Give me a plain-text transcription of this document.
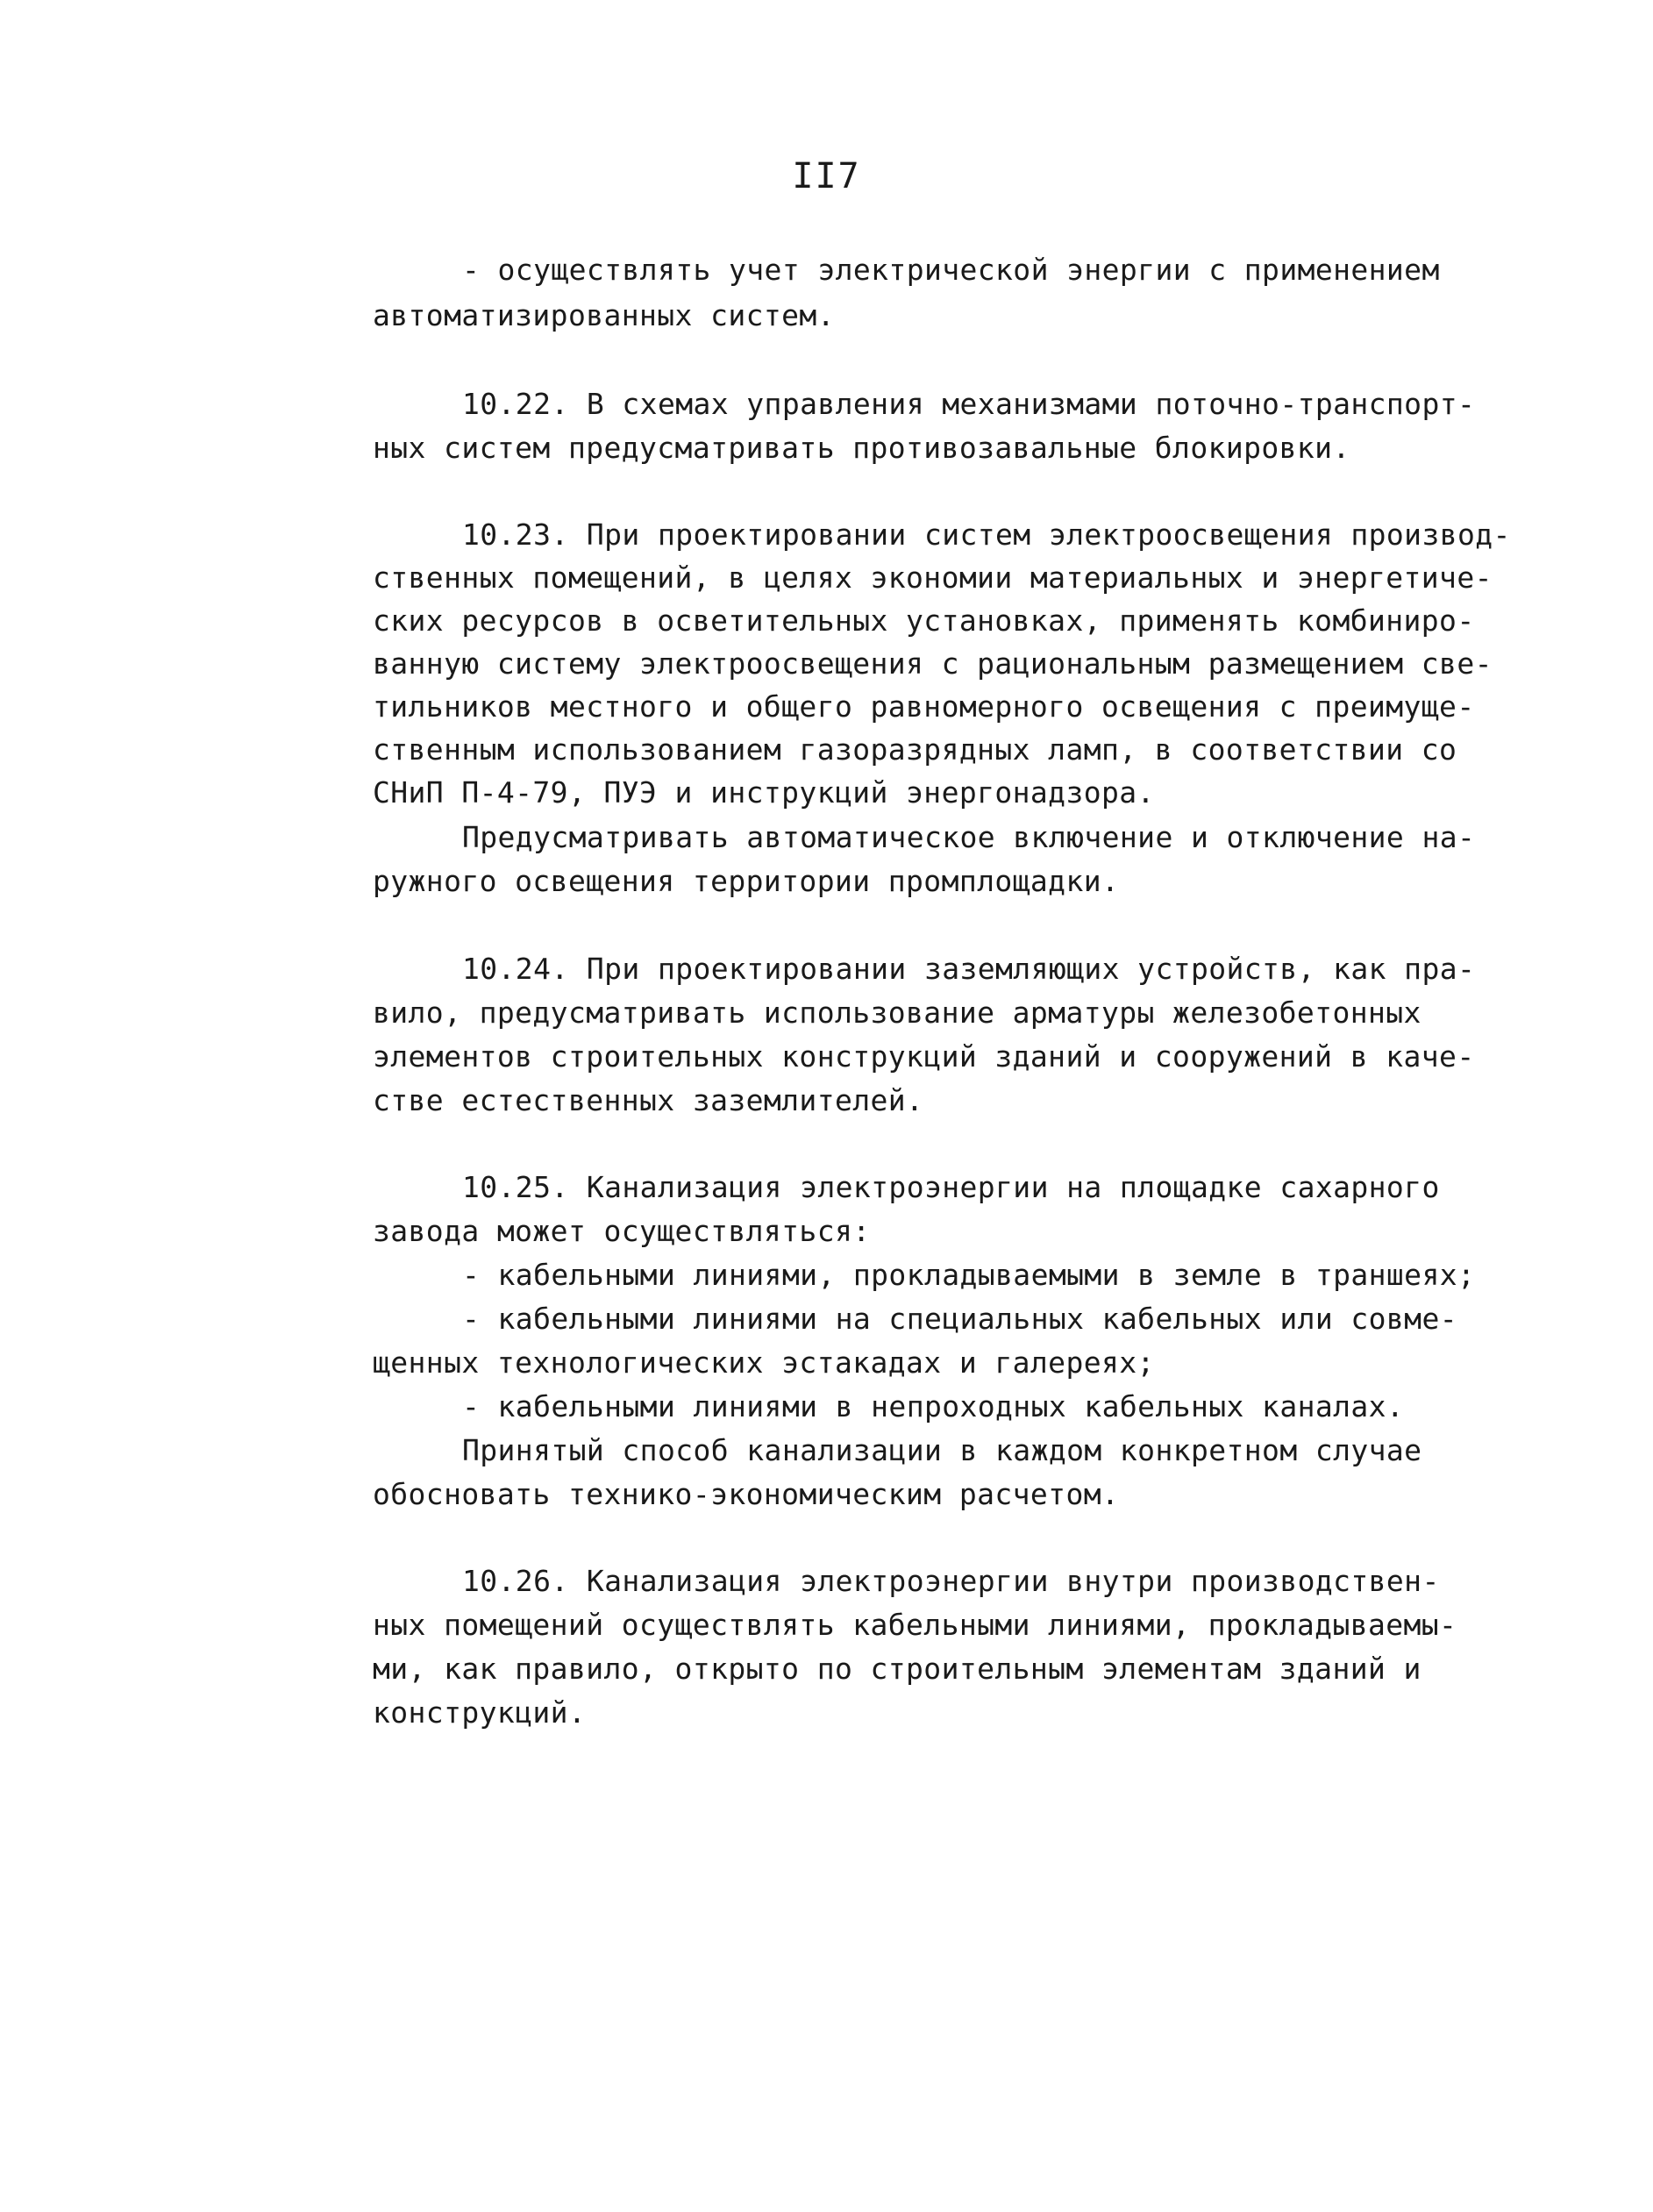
II7
- осуществлять учет электрической энергии с применением
автоматизированных систем.
10.22. В схемах управления механизмами поточно-транспорт-
ных систем предусматривать противозавальные блокировки.
10.23. При проектировании систем электроосвещения производ-
ственных помещений, в целях экономии материальных и энергетиче-
ских ресурсов в осветительных установках, применять комбиниро-
ванную систему электроосвещения с рациональным размещением све-
тильников местного и общего равномерного освещения с преимуще-
ственным использованием газоразрядных ламп, в соответствии со
СНиП П-4-79, ПУЭ и инструкций энергонадзора.
Предусматривать автоматическое включение и отключение на-
ружного освещения территории промплощадки.
10.24. При проектировании заземляющих устройств, как пра-
вило, предусматривать использование арматуры железобетонных
элементов строительных конструкций зданий и сооружений в каче-
стве естественных заземлителей.
10.25. Канализация электроэнергии на площадке сахарного
завода может осуществляться:
- кабельными линиями, прокладываемыми в земле в траншеях;
- кабельными линиями на специальных кабельных или совме-
щенных технологических эстакадах и галереях;
- кабельными линиями в непроходных кабельных каналах.
Принятый способ канализации в каждом конкретном случае
обосновать технико-экономическим расчетом.
10.26. Канализация электроэнергии внутри производствен-
ных помещений осуществлять кабельными линиями, прокладываемы-
ми, как правило, открыто по строительным элементам зданий и
конструкций.
